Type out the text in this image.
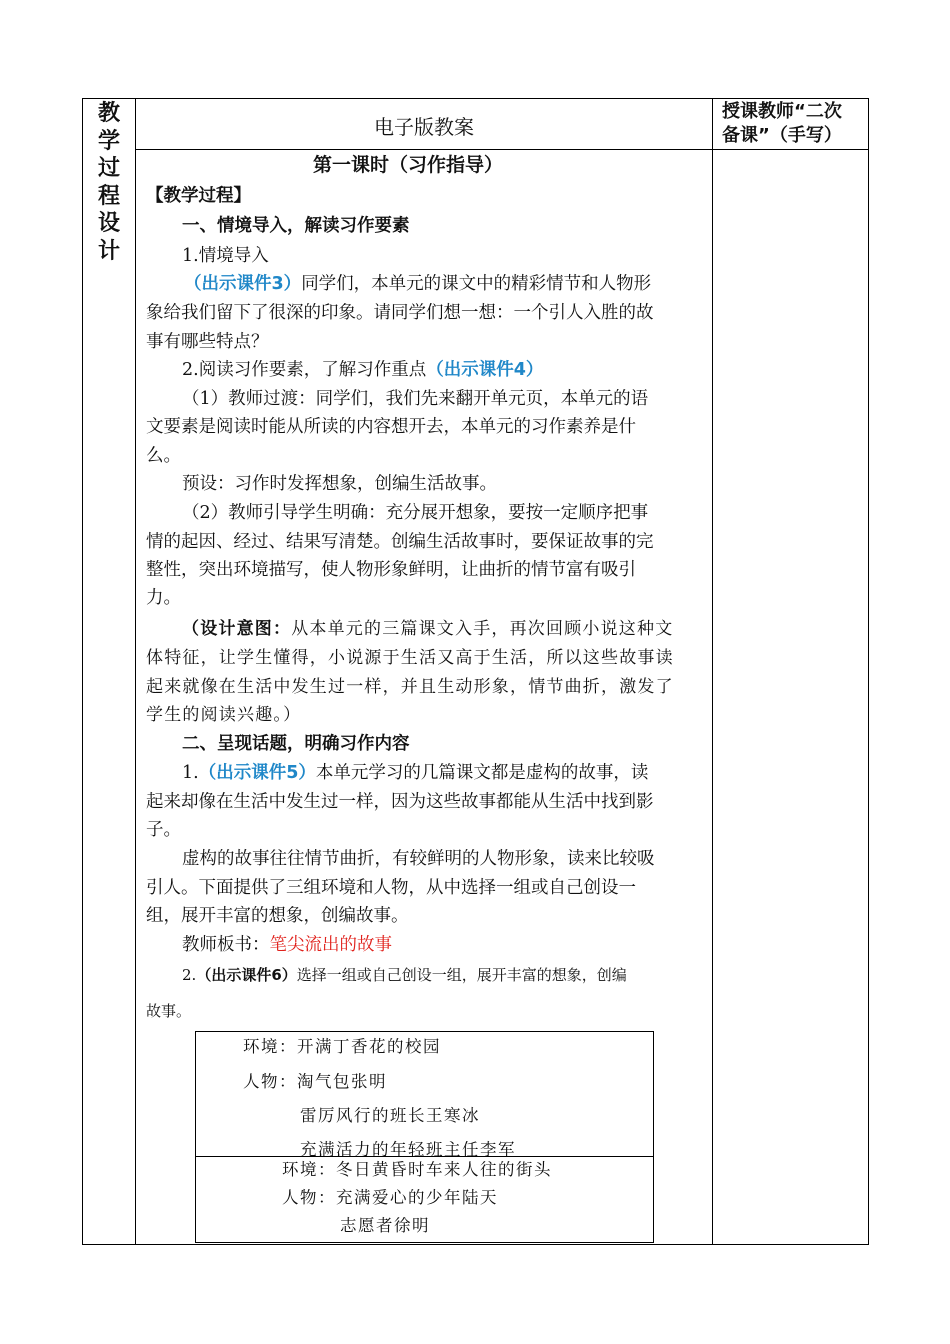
教
学
过
程
设
计
电子版教案
授课教师“二次
备课”（手写）
第一课时（习作指导）
【教学过程】
一、情境导入，解读习作要素
1.情境导入
（出示课件3）同学们，本单元的课文中的精彩情节和人物形
象给我们留下了很深的印象。请同学们想一想：一个引人入胜的故
事有哪些特点？
2.阅读习作要素，了解习作重点（出示课件4）
（1）教师过渡：同学们，我们先来翻开单元页，本单元的语
文要素是阅读时能从所读的内容想开去，本单元的习作素养是什
么。
预设：习作时发挥想象，创编生活故事。
（2）教师引导学生明确：充分展开想象，要按一定顺序把事
情的起因、经过、结果写清楚。创编生活故事时，要保证故事的完
整性，突出环境描写，使人物形象鲜明，让曲折的情节富有吸引
力。
（设计意图：从本单元的三篇课文入手，再次回顾小说这种文
体特征，让学生懂得，小说源于生活又高于生活，所以这些故事读
起来就像在生活中发生过一样，并且生动形象，情节曲折，激发了
学生的阅读兴趣。）
二、呈现话题，明确习作内容
1.（出示课件5）本单元学习的几篇课文都是虚构的故事，读
起来却像在生活中发生过一样，因为这些故事都能从生活中找到影
子。
虚构的故事往往情节曲折，有较鲜明的人物形象，读来比较吸
引人。下面提供了三组环境和人物，从中选择一组或自己创设一
组，展开丰富的想象，创编故事。
教师板书：笔尖流出的故事
2.（出示课件6）选择一组或自己创设一组，展开丰富的想象，创编
故事。
环境：开满丁香花的校园
人物：淘气包张明
雷厉风行的班长王寒冰
充满活力的年轻班主任李军
环境：冬日黄昏时车来人往的街头
人物：充满爱心的少年陆天
志愿者徐明
